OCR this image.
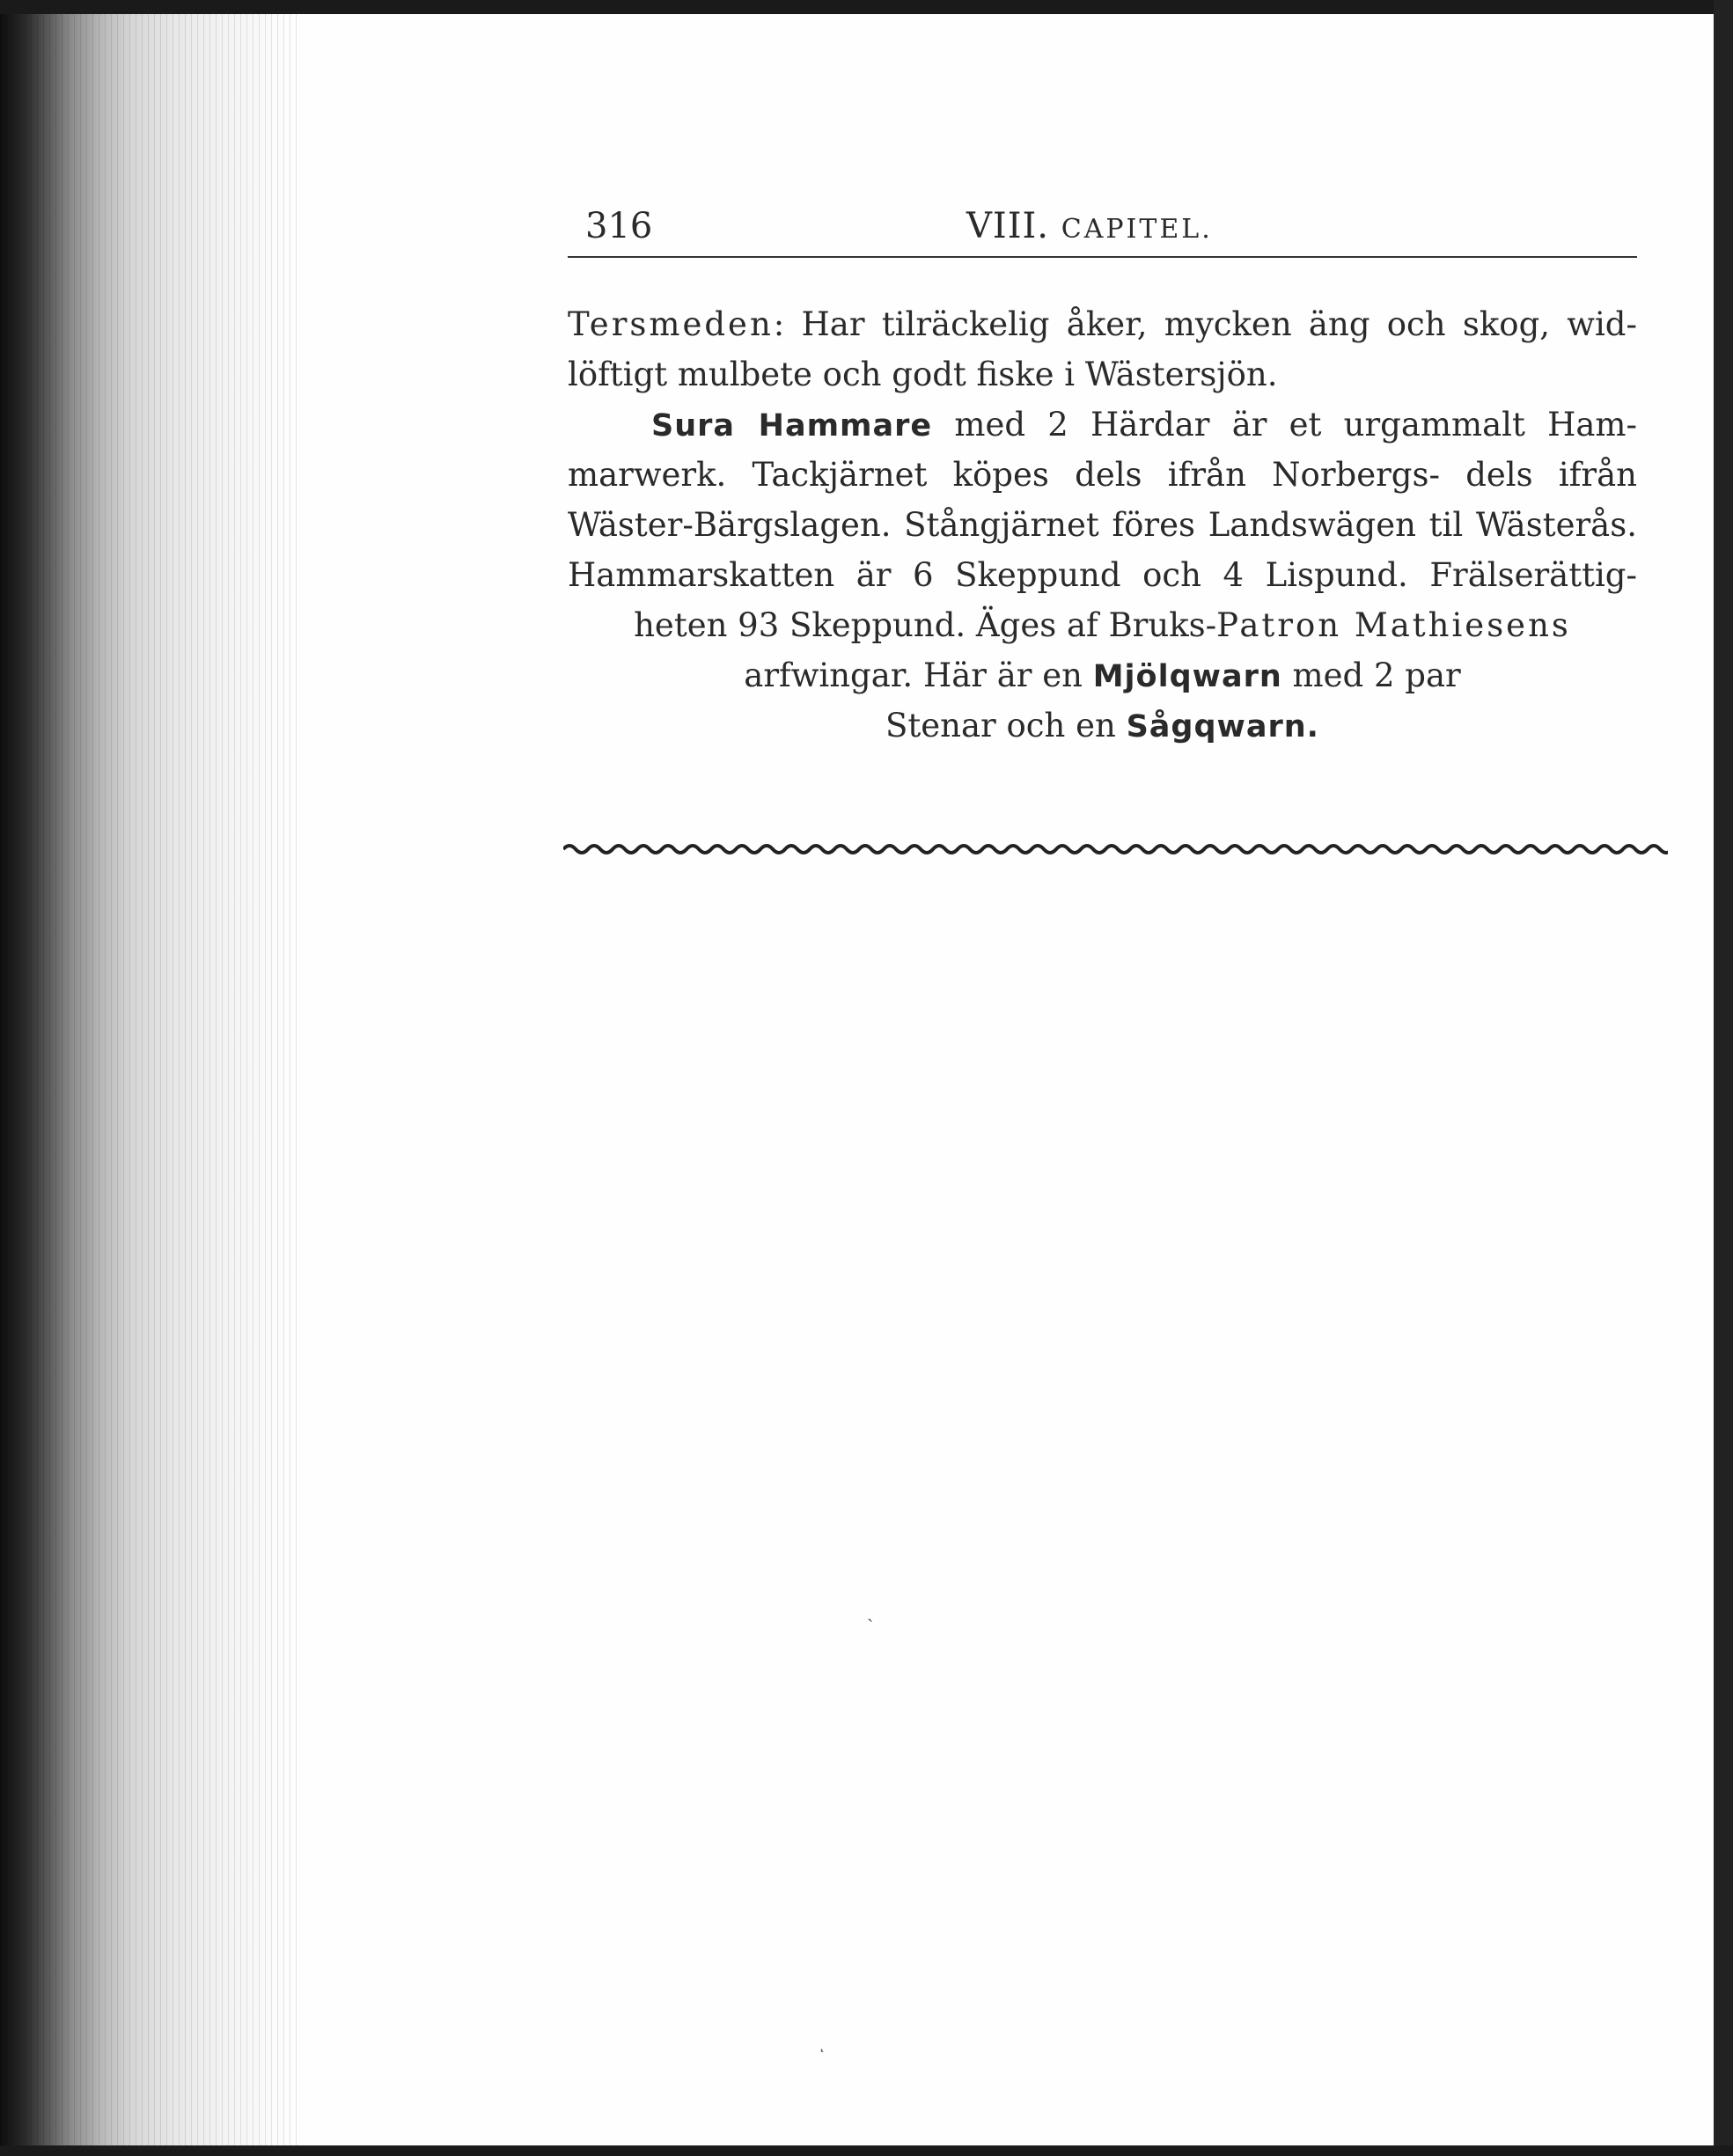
316	VIII. CAPITEL.
Tersmeden: Har tilräckelig åker, mycken äng och skog, wid-
löftigt mulbete och godt fiske i Wästersjön.
Sura Hammare med 2 Härdar är et urgammalt Ham-
marwerk. Tackjärnet köpes dels ifrån Norbergs- dels ifrån
Wäster-Bärgslagen. Stångjärnet föres Landswägen til Wästerås.
Hammarskatten är 6 Skeppund och 4 Lispund. Frälserättig-
heten 93 Skeppund. Äges af Bruks-Patron Mathiesens
arfwingar. Här är en Mjölqwarn med 2 par
Stenar och en Sågqwarn.
ˎ
ͺ
